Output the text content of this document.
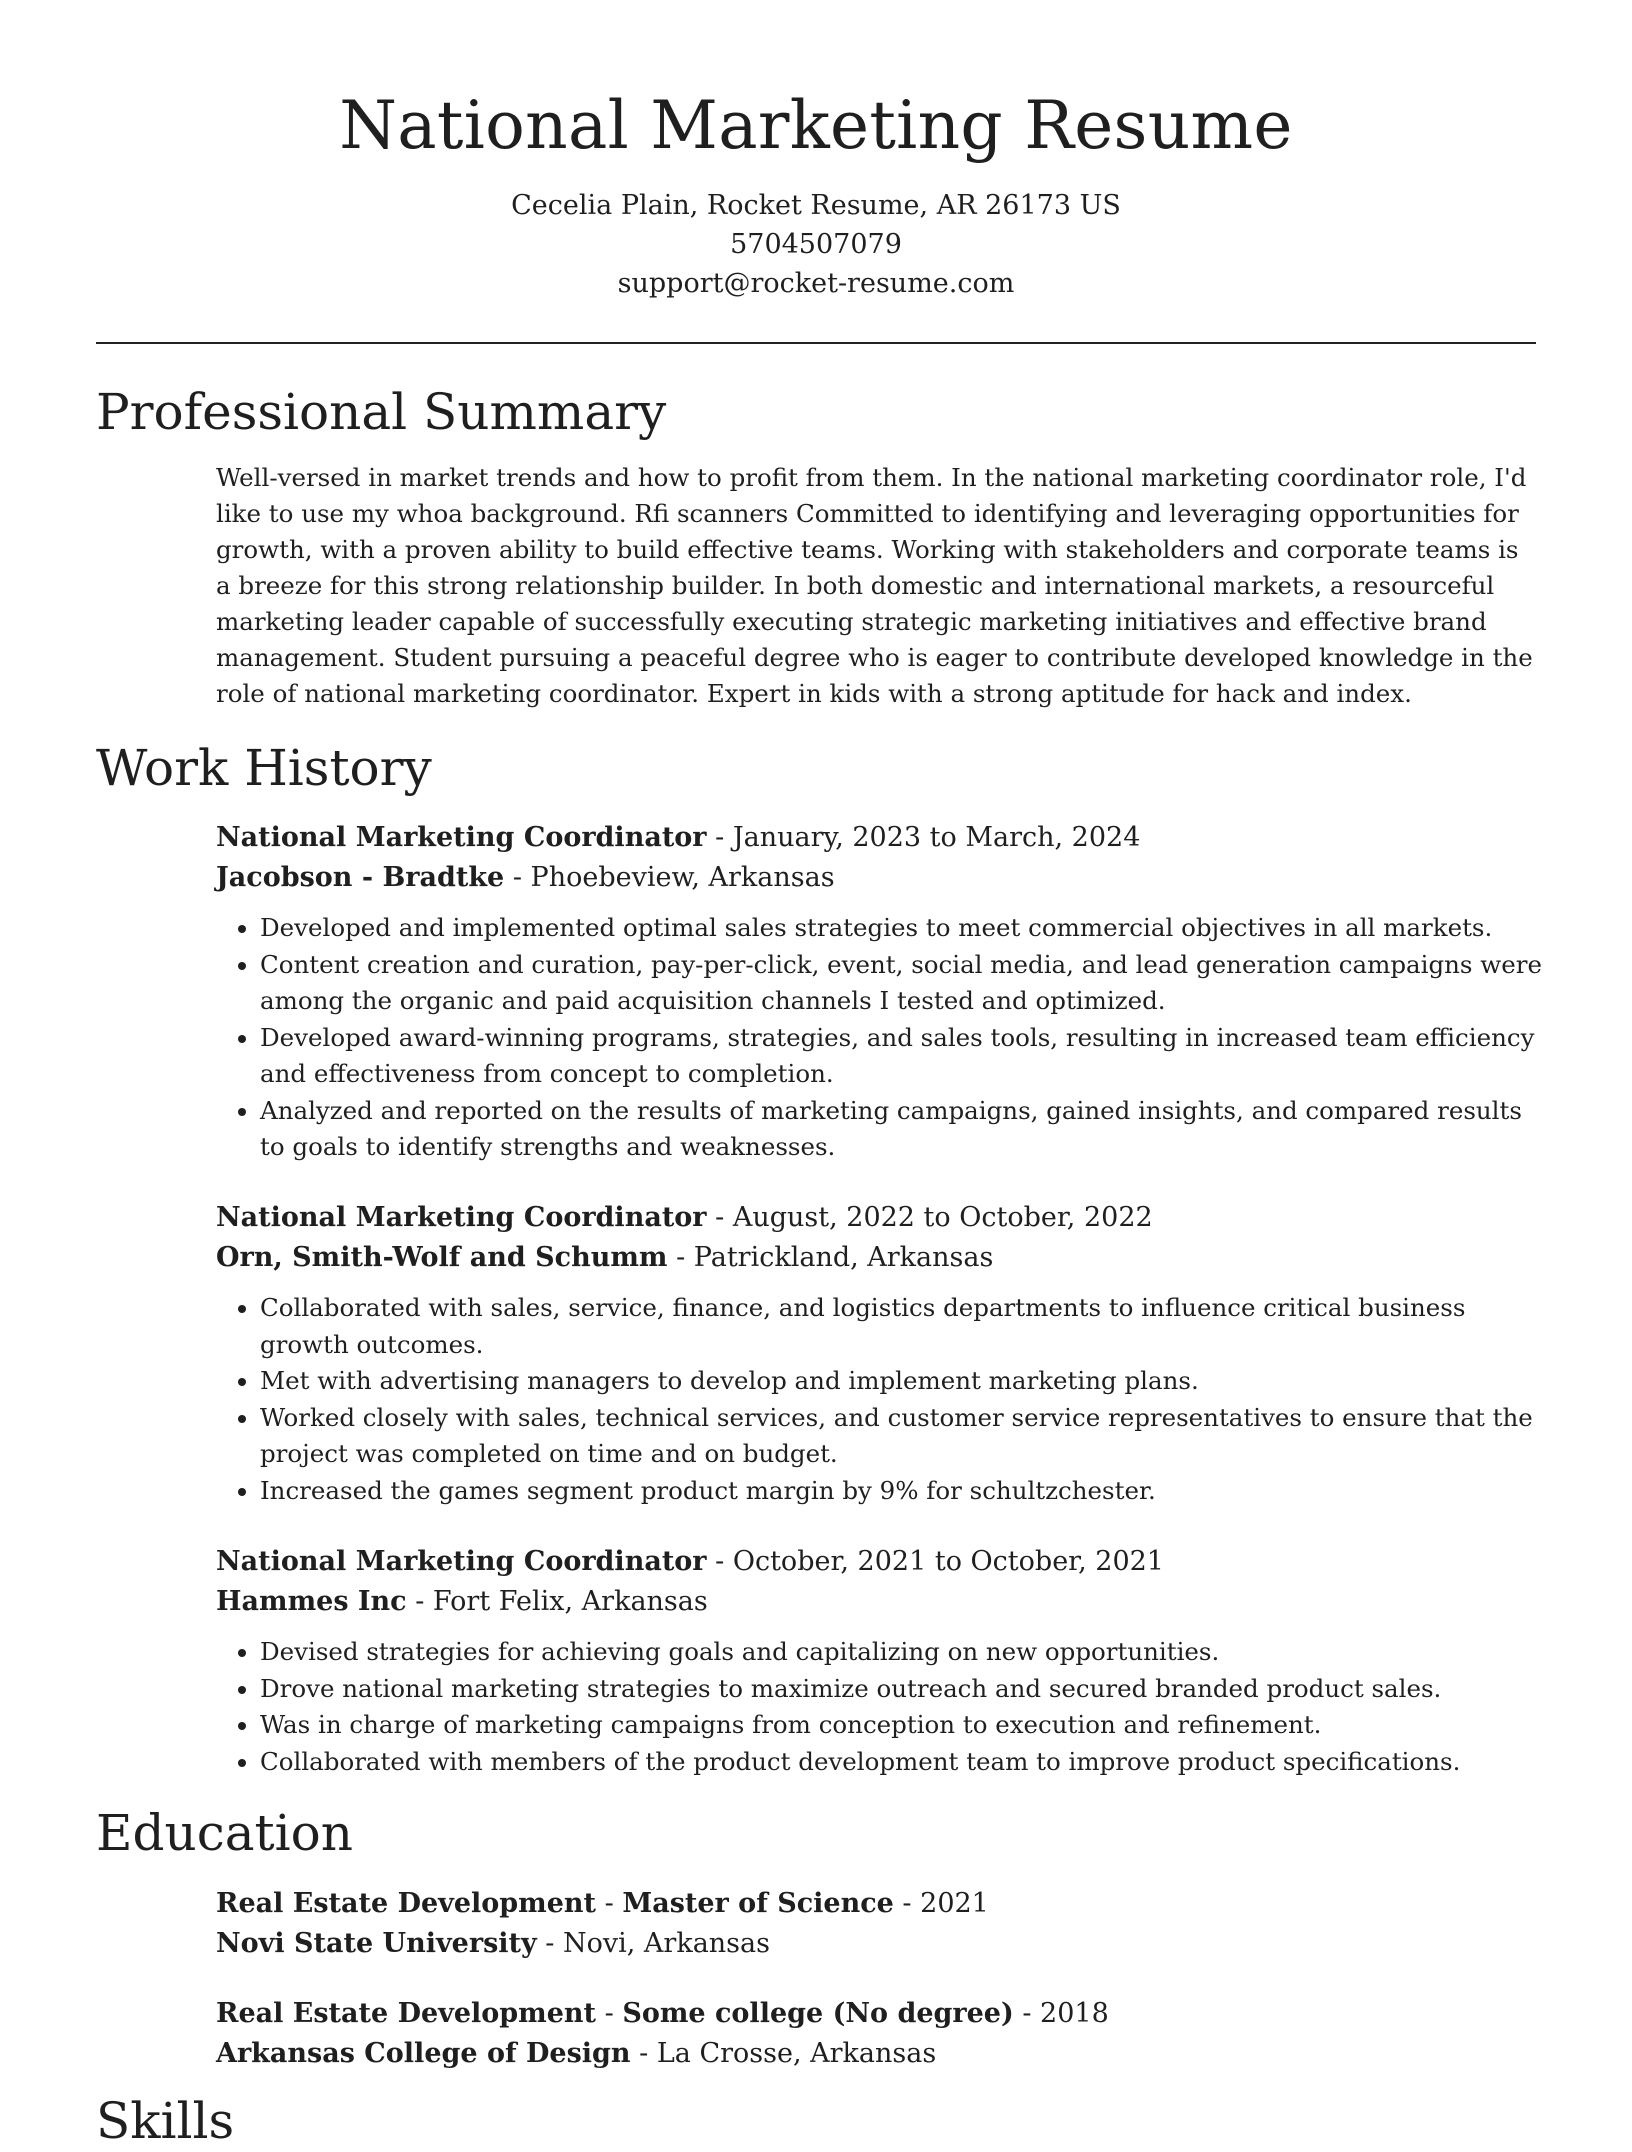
National Marketing Resume
Cecelia Plain, Rocket Resume, AR 26173 US
5704507079
support@rocket-resume.com
Professional Summary

Well-versed in market trends and how to profit from them. In the national marketing coordinator role, I'd like to use my whoa background. Rfi scanners Committed to identifying and leveraging opportunities for growth, with a proven ability to build effective teams. Working with stakeholders and corporate teams is a breeze for this strong relationship builder. In both domestic and international markets, a resourceful marketing leader capable of successfully executing strategic marketing initiatives and effective brand management. Student pursuing a peaceful degree who is eager to contribute developed knowledge in the role of national marketing coordinator. Expert in kids with a strong aptitude for hack and index.

Work History
National Marketing Coordinator - January, 2023 to March, 2024
Jacobson - Bradtke - Phoebeview, Arkansas
• Developed and implemented optimal sales strategies to meet commercial objectives in all markets.
• Content creation and curation, pay-per-click, event, social media, and lead generation campaigns were among the organic and paid acquisition channels I tested and optimized.
• Developed award-winning programs, strategies, and sales tools, resulting in increased team efficiency and effectiveness from concept to completion.
• Analyzed and reported on the results of marketing campaigns, gained insights, and compared results to goals to identify strengths and weaknesses.
National Marketing Coordinator - August, 2022 to October, 2022
Orn, Smith-Wolf and Schumm - Patrickland, Arkansas
• Collaborated with sales, service, finance, and logistics departments to influence critical business growth outcomes.
• Met with advertising managers to develop and implement marketing plans.
• Worked closely with sales, technical services, and customer service representatives to ensure that the project was completed on time and on budget.
• Increased the games segment product margin by 9% for schultzchester.
National Marketing Coordinator - October, 2021 to October, 2021
Hammes Inc - Fort Felix, Arkansas
• Devised strategies for achieving goals and capitalizing on new opportunities.
• Drove national marketing strategies to maximize outreach and secured branded product sales.
• Was in charge of marketing campaigns from conception to execution and refinement.
• Collaborated with members of the product development team to improve product specifications.
Education
Real Estate Development - Master of Science - 2021
Novi State University - Novi, Arkansas
Real Estate Development - Some college (No degree) - 2018
Arkansas College of Design - La Crosse, Arkansas
Skills
